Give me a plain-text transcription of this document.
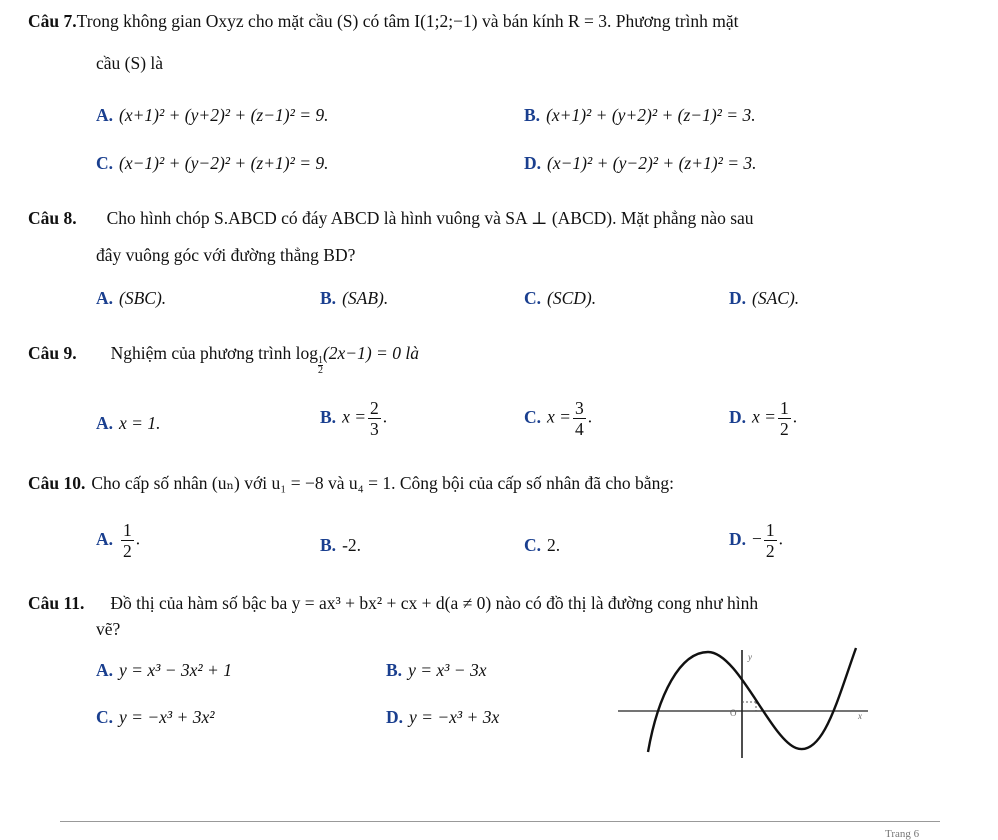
Câu 7.Trong không gian Oxyz cho mặt cầu (S) có tâm I(1;2;−1) và bán kính R = 3. Phương trình mặt
cầu (S) là
A. (x+1)² + (y+2)² + (z−1)² = 9.	B. (x+1)² + (y+2)² + (z−1)² = 3.
C. (x−1)² + (y−2)² + (z+1)² = 9.	D. (x−1)² + (y−2)² + (z+1)² = 3.
Câu 8. Cho hình chóp S.ABCD có đáy ABCD là hình vuông và SA ⊥ (ABCD). Mặt phẳng nào sau
đây vuông góc với đường thẳng BD?
A. (SBC).	B. (SAB).	C. (SCD).	D. (SAC).
Câu 9. Nghiệm của phương trình log
$\frac{1}{2}$
(2x−1) = 0 là
A. x = 1.	B. $x = \frac{2}{3}$ .	C. $x = \frac{3}{4}$ .	D. $x = \frac{1}{2}$ .
Câu 10. Cho cấp số nhân (uₙ) với u₁ = −8 và u₄ = 1. Công bội của cấp số nhân đã cho bằng:
A. $\frac{1}{2}$ .	B. -2.	C. 2.	D. − $\frac{1}{2}$ .
Câu 11. Đồ thị của hàm số bậc ba y = ax³ + bx² + cx + d(a ≠ 0) nào có đồ thị là đường cong như hình
vẽ?
A. y = x³ − 3x² + 1	B. y = x³ − 3x
C. y = −x³ + 3x²	D. y = −x³ + 3x	O	x
y
Trang 6
